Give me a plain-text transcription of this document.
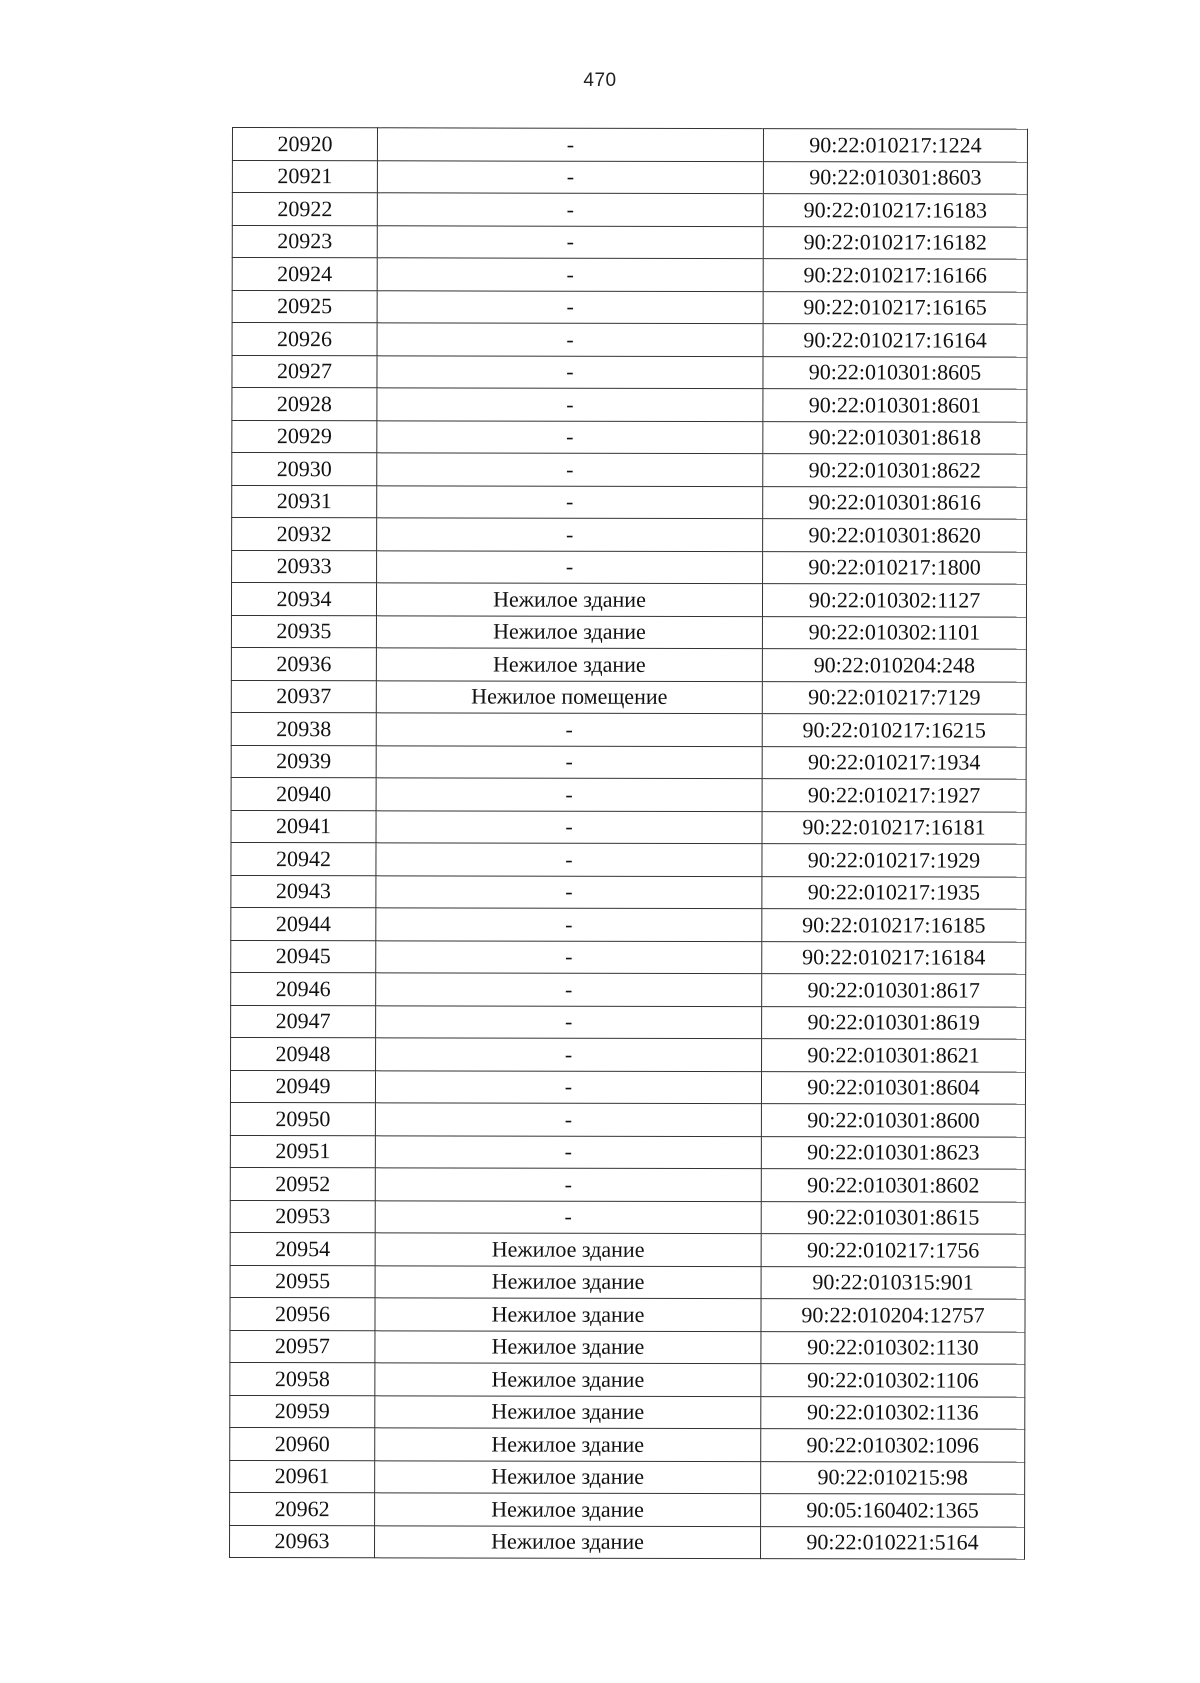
470
20920	-	90:22:010217:1224
20921	-	90:22:010301:8603
20922	-	90:22:010217:16183
20923	-	90:22:010217:16182
20924	-	90:22:010217:16166
20925	-	90:22:010217:16165
20926	-	90:22:010217:16164
20927	-	90:22:010301:8605
20928	-	90:22:010301:8601
20929	-	90:22:010301:8618
20930	-	90:22:010301:8622
20931	-	90:22:010301:8616
20932	-	90:22:010301:8620
20933	-	90:22:010217:1800
20934	Нежилое здание	90:22:010302:1127
20935	Нежилое здание	90:22:010302:1101
20936	Нежилое здание	90:22:010204:248
20937	Нежилое помещение	90:22:010217:7129
20938	-	90:22:010217:16215
20939	-	90:22:010217:1934
20940	-	90:22:010217:1927
20941	-	90:22:010217:16181
20942	-	90:22:010217:1929
20943	-	90:22:010217:1935
20944	-	90:22:010217:16185
20945	-	90:22:010217:16184
20946	-	90:22:010301:8617
20947	-	90:22:010301:8619
20948	-	90:22:010301:8621
20949	-	90:22:010301:8604
20950	-	90:22:010301:8600
20951	-	90:22:010301:8623
20952	-	90:22:010301:8602
20953	-	90:22:010301:8615
20954	Нежилое здание	90:22:010217:1756
20955	Нежилое здание	90:22:010315:901
20956	Нежилое здание	90:22:010204:12757
20957	Нежилое здание	90:22:010302:1130
20958	Нежилое здание	90:22:010302:1106
20959	Нежилое здание	90:22:010302:1136
20960	Нежилое здание	90:22:010302:1096
20961	Нежилое здание	90:22:010215:98
20962	Нежилое здание	90:05:160402:1365
20963	Нежилое здание	90:22:010221:5164
